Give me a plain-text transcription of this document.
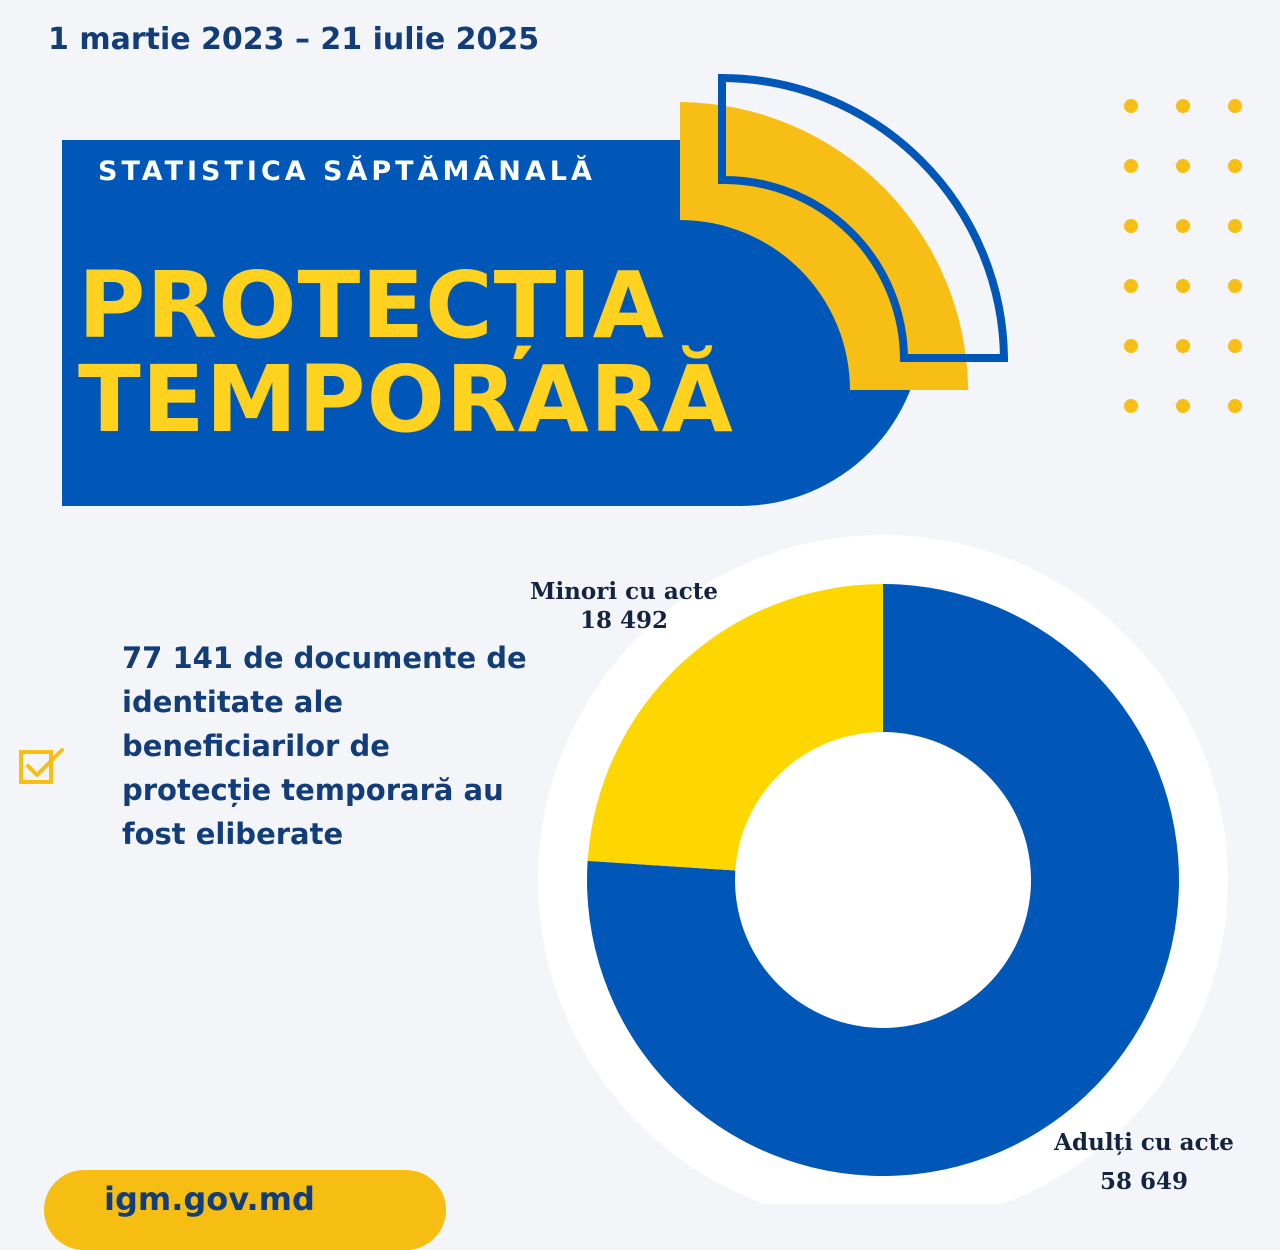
1 martie 2023 – 21 iulie 2025
STATISTICA SĂPTĂMÂNALĂ
PROTECȚIA
TEMPORARĂ
77 141 de documente de identitate ale beneficiarilor de protecție temporară au fost eliberate
Minori cu acte
18 492
Adulți cu acte
58 649
igm.gov.md
